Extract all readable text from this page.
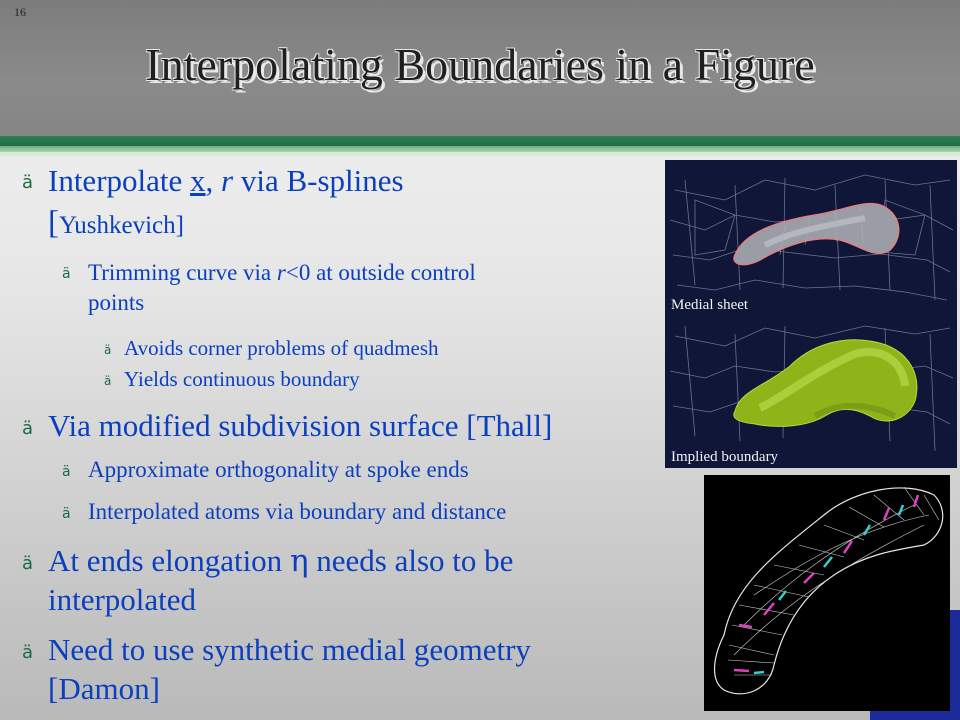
16
Interpolating Boundaries in a Figure
ä Interpolate x, r via B-splines
[Yushkevich]
ä Trimming curve via r<0 at outside control
points
ä Avoids corner problems of quadmesh
ä Yields continuous boundary
ä Via modified subdivision surface [Thall]
ä Approximate orthogonality at spoke ends
ä Interpolated atoms via boundary and distance
ä At ends elongation η needs also to be
interpolated
ä Need to use synthetic medial geometry
[Damon]
Medial sheet
Implied boundary
